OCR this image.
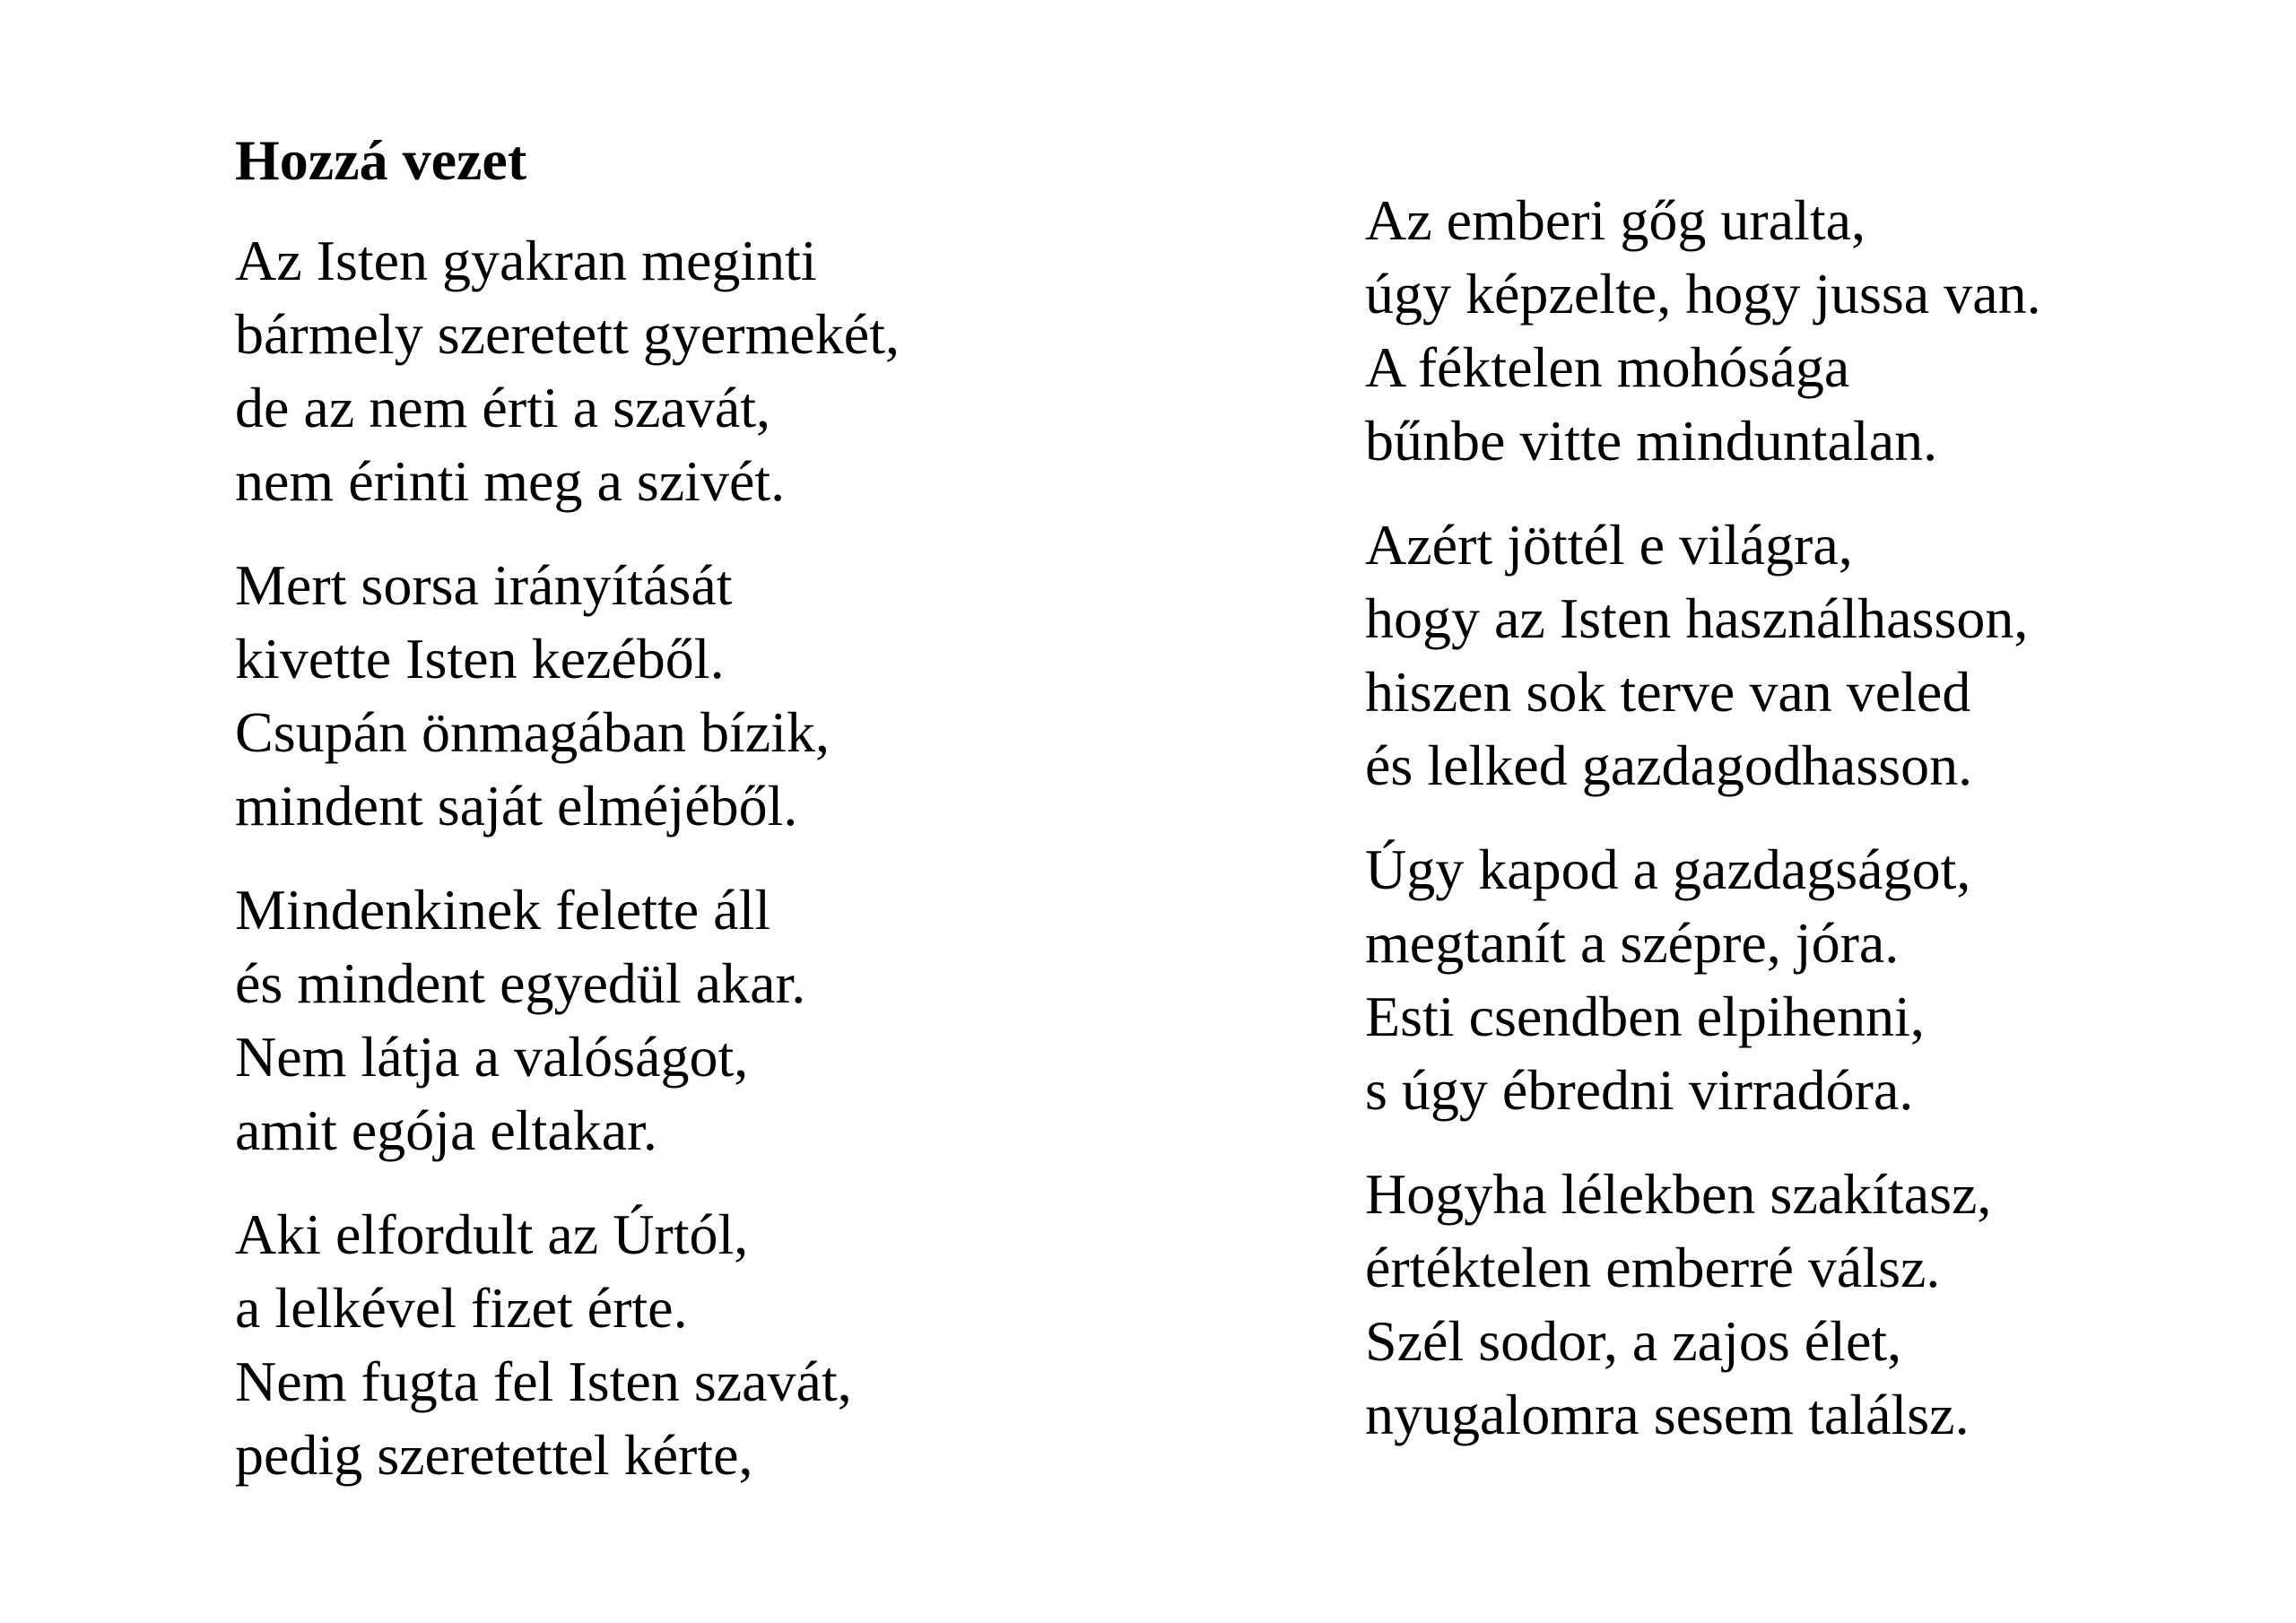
Hozzá vezet
Az Isten gyakran meginti
bármely szeretett gyermekét,
de az nem érti a szavát,
nem érinti meg a szivét.
Mert sorsa irányítását
kivette Isten kezéből.
Csupán önmagában bízik,
mindent saját elméjéből.
Mindenkinek felette áll
és mindent egyedül akar.
Nem látja a valóságot,
amit egója eltakar.
Aki elfordult az Úrtól,
a lelkével fizet érte.
Nem fugta fel Isten szavát,
pedig szeretettel kérte,
Az emberi gőg uralta,
úgy képzelte, hogy jussa van.
A féktelen mohósága
bűnbe vitte minduntalan.
Azért jöttél e világra,
hogy az Isten használhasson,
hiszen sok terve van veled
és lelked gazdagodhasson.
Úgy kapod a gazdagságot,
megtanít a szépre, jóra.
Esti csendben elpihenni,
s úgy ébredni virradóra.
Hogyha lélekben szakítasz,
értéktelen emberré válsz.
Szél sodor, a zajos élet,
nyugalomra sesem találsz.
